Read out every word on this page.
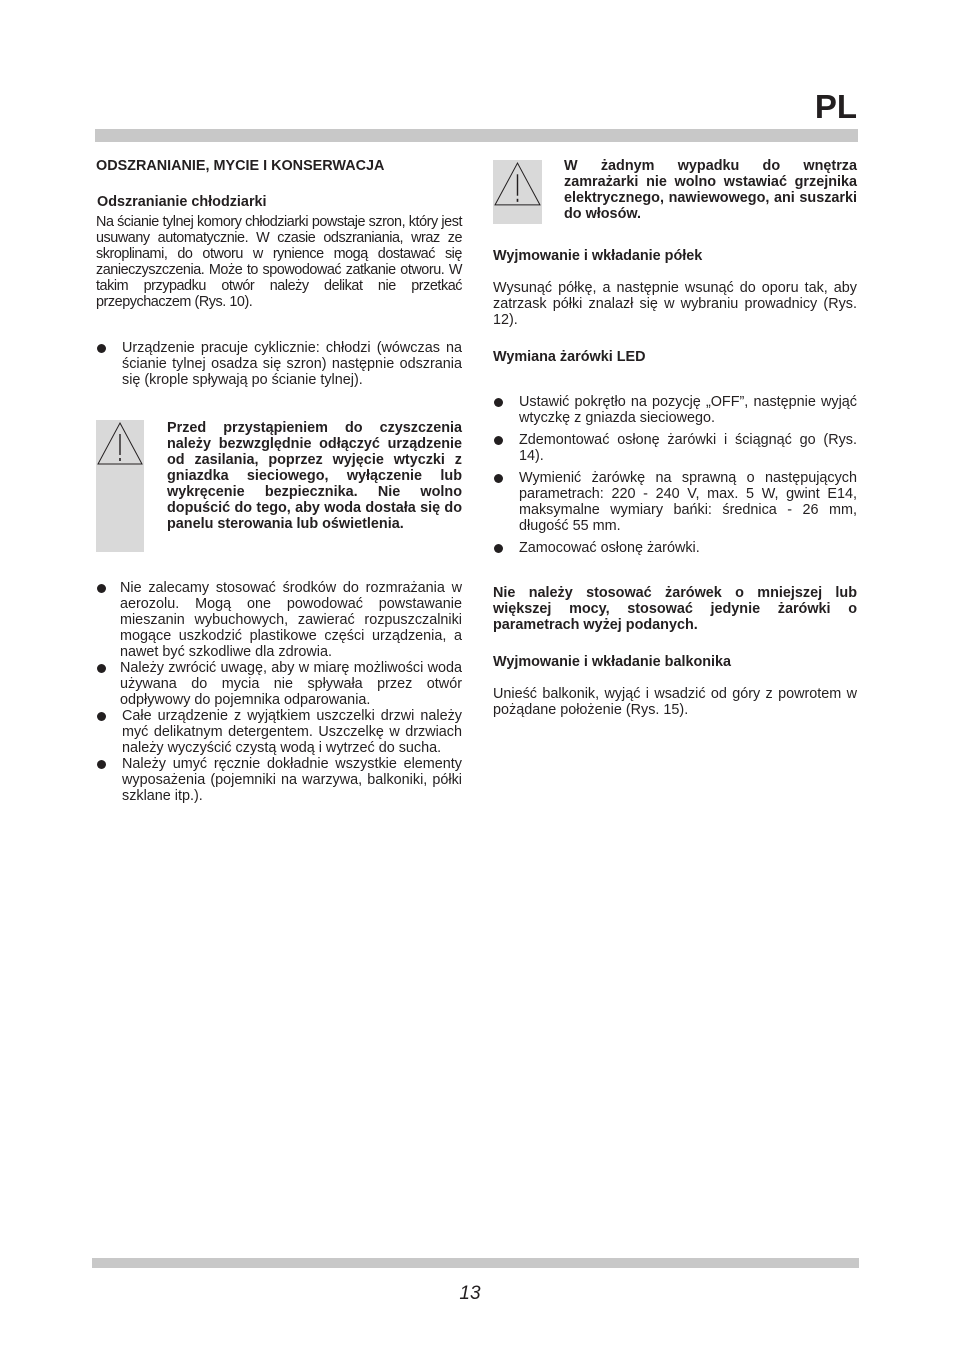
PL

ODSZRANIANIE, MYCIE I KONSERWACJA

Odszranianie chłodziarki

Na ścianie tylnej komory chłodziarki powstaje szron, który jest usuwany automatycznie. W czasie odszraniania, wraz ze skroplinami, do otworu w rynience mogą dostawać się zanieczyszczenia. Może to spowodować zatkanie otworu. W takim przypadku otwór należy delikat nie przetkać przepychaczem (Rys. 10).

Urządzenie pracuje cyklicznie: chłodzi (wówczas na ścianie tylnej osadza się szron) następnie odszrania się (krople spływają po ścianie tylnej).
Przed przystąpieniem do czyszczenia należy bezwzględnie odłączyć urządzenie od zasilania, poprzez wyjęcie wtyczki z gniazdka sieciowego, wyłączenie lub wykręcenie bezpiecznika. Nie wolno dopuścić do tego, aby woda dostała się do panelu sterowania lub oświetlenia.
Nie zalecamy stosować środków do rozmrażania w aerozolu. Mogą one powodować powstawanie mieszanin wybuchowych, zawierać rozpuszczalniki mogące uszkodzić plastikowe części urządzenia, a nawet być szkodliwe dla zdrowia.
Należy zwrócić uwagę, aby w miarę możliwości woda używana do mycia nie spływała przez otwór odpływowy do pojemnika odparowania.
Całe urządzenie z wyjątkiem uszczelki drzwi należy myć delikatnym detergentem. Uszczelkę w drzwiach należy wyczyścić czystą wodą i wytrzeć do sucha.
Należy umyć ręcznie dokładnie wszystkie elementy wyposażenia (pojemniki na warzywa, balkoniki, półki szklane itp.).
W żadnym wypadku do wnętrza zamrażarki nie wolno wstawiać grzejnika elektrycznego, nawiewowego, ani suszarki do włosów.

Wyjmowanie i wkładanie półek

Wysunąć półkę, a następnie wsunąć do oporu tak, aby zatrzask półki znalazł się w wybraniu prowadnicy (Rys. 12).

Wymiana żarówki LED

Ustawić pokrętło na pozycję „OFF”, następnie wyjąć wtyczkę z gniazda sieciowego.
Zdemontować osłonę żarówki i ściągnąć go (Rys. 14).
Wymienić żarówkę na sprawną o następujących parametrach: 220 - 240 V, max. 5 W, gwint E14, maksymalne wymiary bańki: średnica - 26 mm, długość 55 mm.
Zamocować osłonę żarówki.

Nie należy stosować żarówek o mniejszej lub większej mocy, stosować jedynie żarówki o parametrach wyżej podanych.

Wyjmowanie i wkładanie balkonika

Unieść balkonik, wyjąć i wsadzić od góry z powrotem w pożądane położenie (Rys. 15).

13
